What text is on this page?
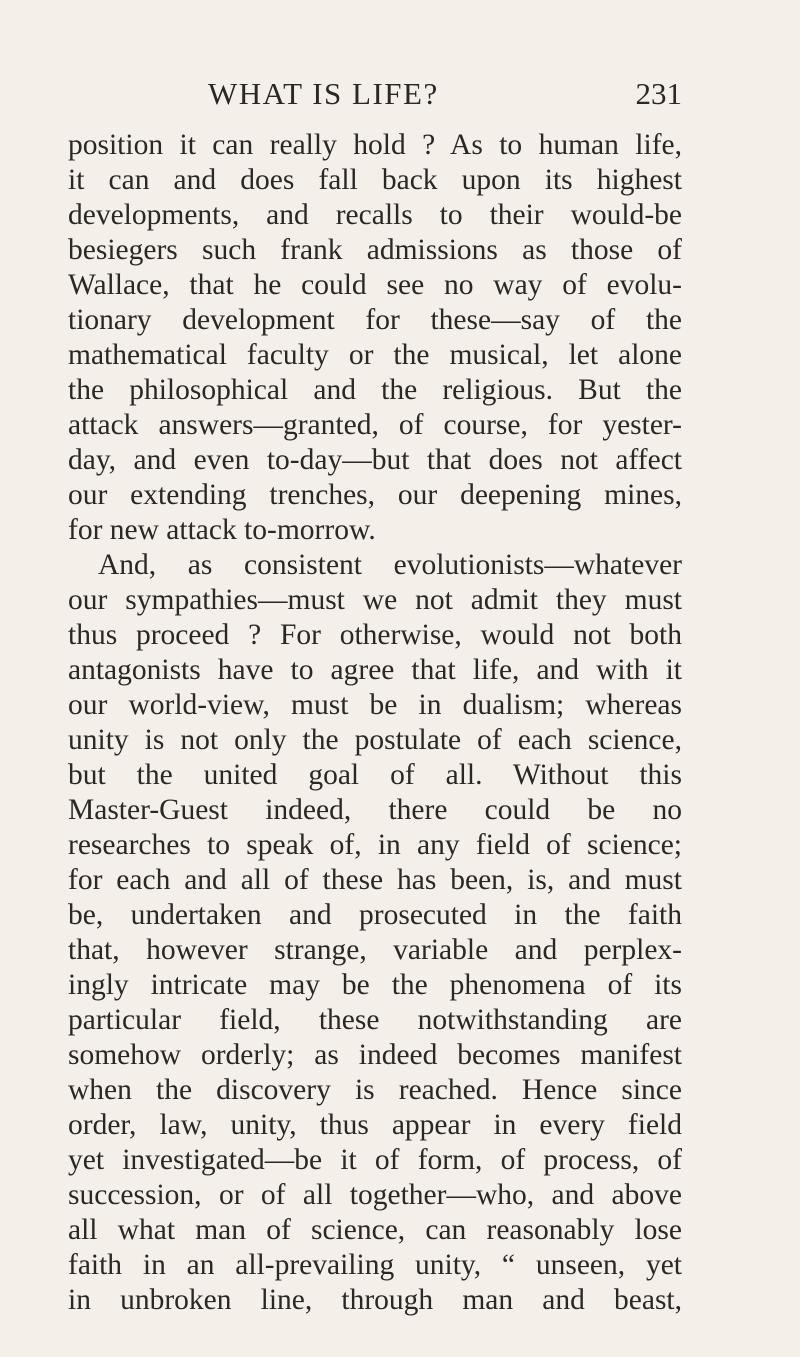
WHAT IS LIFE?	231
position it can really hold ? As to human life,
it can and does fall back upon its highest
developments, and recalls to their would-be
besiegers such frank admissions as those of
Wallace, that he could see no way of evolu-
tionary development for these—say of the
mathematical faculty or the musical, let alone
the philosophical and the religious. But the
attack answers—granted, of course, for yester-
day, and even to-day—but that does not affect
our extending trenches, our deepening mines,
for new attack to-morrow.
And, as consistent evolutionists—whatever
our sympathies—must we not admit they must
thus proceed ? For otherwise, would not both
antagonists have to agree that life, and with it
our world-view, must be in dualism; whereas
unity is not only the postulate of each science,
but the united goal of all. Without this
Master-Guest indeed, there could be no
researches to speak of, in any field of science;
for each and all of these has been, is, and must
be, undertaken and prosecuted in the faith
that, however strange, variable and perplex-
ingly intricate may be the phenomena of its
particular field, these notwithstanding are
somehow orderly; as indeed becomes manifest
when the discovery is reached. Hence since
order, law, unity, thus appear in every field
yet investigated—be it of form, of process, of
succession, or of all together—who, and above
all what man of science, can reasonably lose
faith in an all-prevailing unity, “ unseen, yet
in unbroken line, through man and beast,
